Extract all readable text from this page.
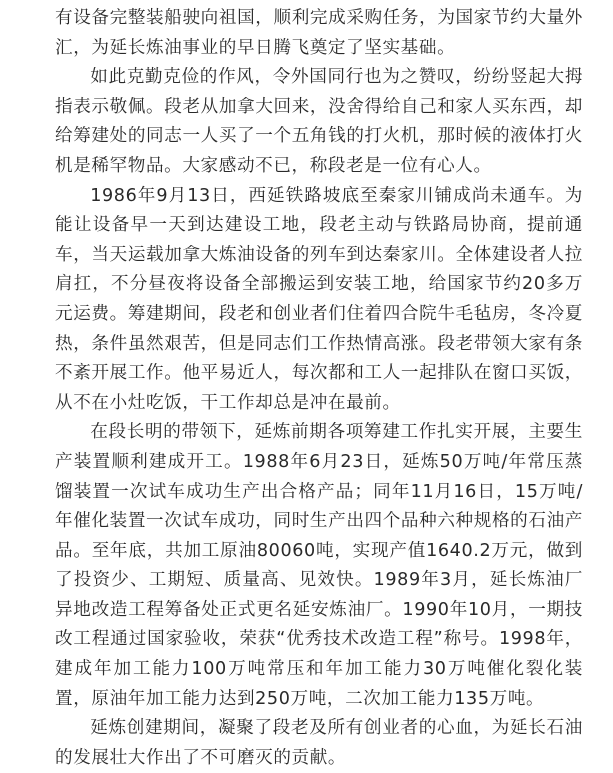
有设备完整装船驶向祖国，顺利完成采购任务，为国家节约大量外汇，为延长炼油事业的早日腾飞奠定了坚实基础。

如此克勤克俭的作风，令外国同行也为之赞叹，纷纷竖起大拇指表示敬佩。段老从加拿大回来，没舍得给自己和家人买东西，却给筹建处的同志一人买了一个五角钱的打火机，那时候的液体打火机是稀罕物品。大家感动不已，称段老是一位有心人。

1986年9月13日，西延铁路坡底至秦家川铺成尚未通车。为能让设备早一天到达建设工地，段老主动与铁路局协商，提前通车，当天运载加拿大炼油设备的列车到达秦家川。全体建设者人拉肩扛，不分昼夜将设备全部搬运到安装工地，给国家节约20多万元运费。筹建期间，段老和创业者们住着四合院牛毛毡房，冬冷夏热，条件虽然艰苦，但是同志们工作热情高涨。段老带领大家有条不紊开展工作。他平易近人，每次都和工人一起排队在窗口买饭，从不在小灶吃饭，干工作却总是冲在最前。

在段长明的带领下，延炼前期各项筹建工作扎实开展，主要生产装置顺利建成开工。1988年6月23日，延炼50万吨/年常压蒸馏装置一次试车成功生产出合格产品；同年11月16日，15万吨/年催化装置一次试车成功，同时生产出四个品种六种规格的石油产品。至年底，共加工原油80060吨，实现产值1640.2万元，做到了投资少、工期短、质量高、见效快。1989年3月，延长炼油厂异地改造工程筹备处正式更名延安炼油厂。1990年10月，一期技改工程通过国家验收，荣获“优秀技术改造工程”称号。1998年，建成年加工能力100万吨常压和年加工能力30万吨催化裂化装置，原油年加工能力达到250万吨，二次加工能力135万吨。

延炼创建期间，凝聚了段老及所有创业者的心血，为延长石油的发展壮大作出了不可磨灭的贡献。
